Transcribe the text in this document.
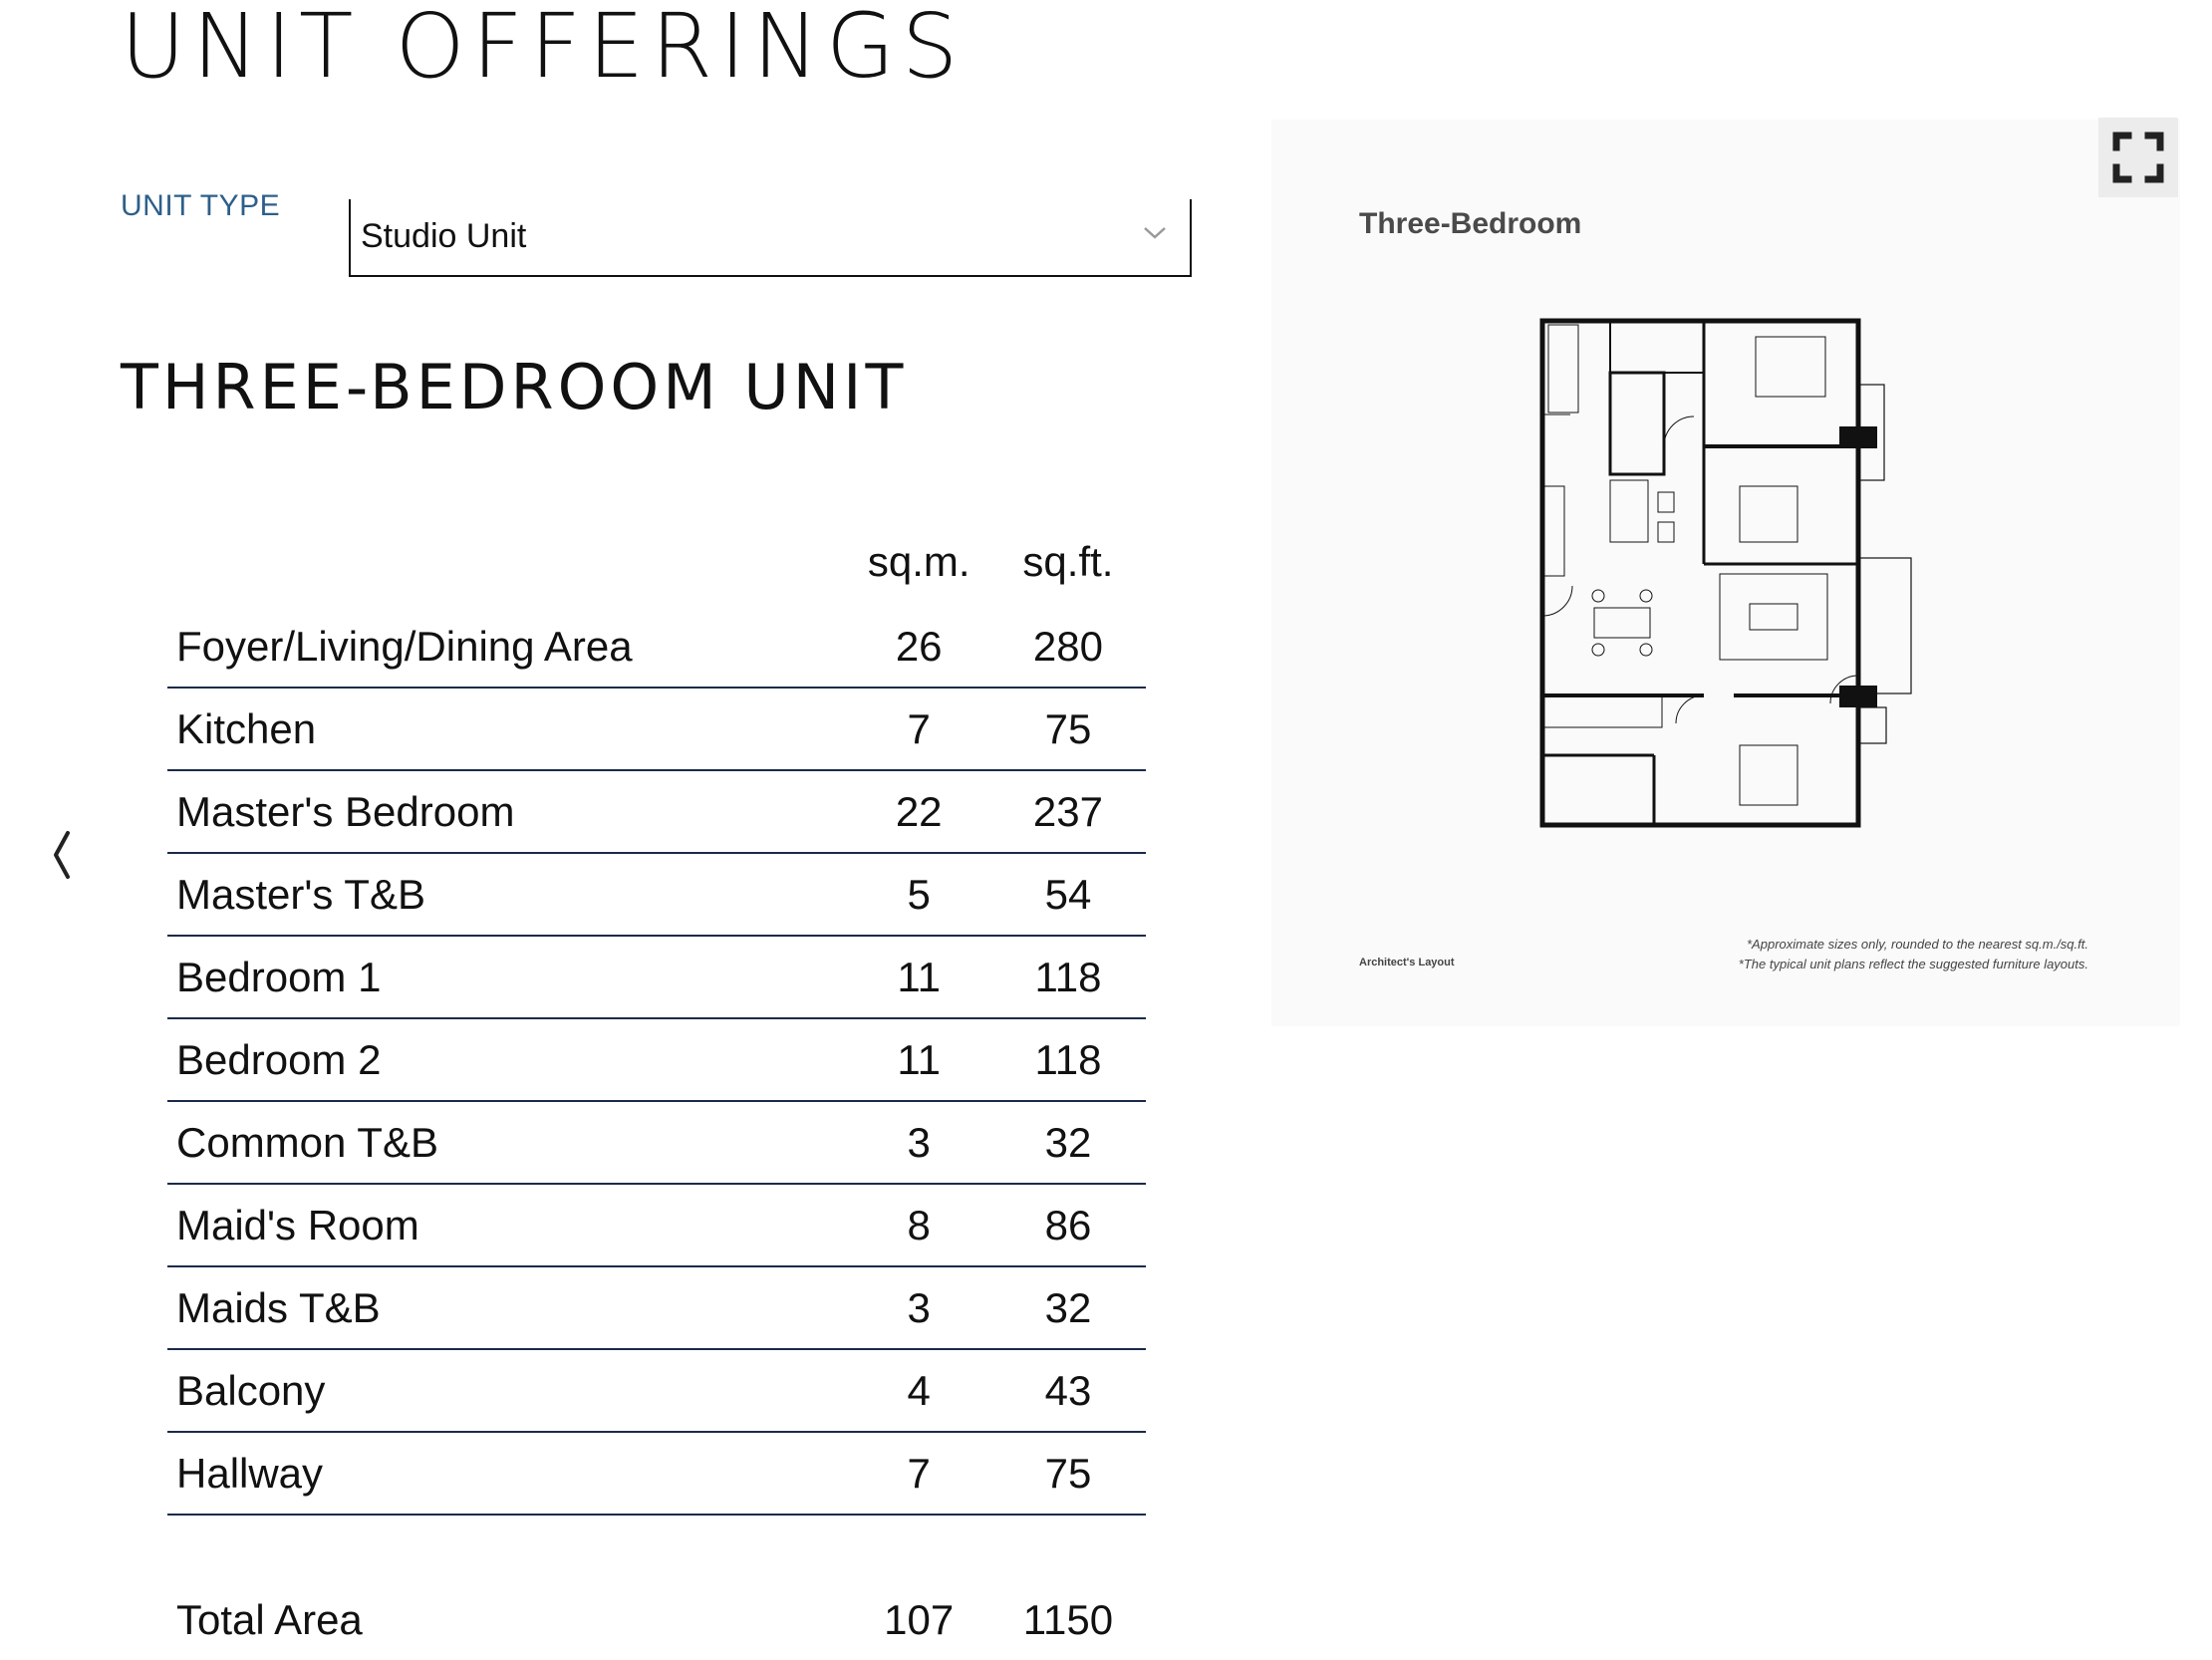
UNIT OFFERINGS
UNIT TYPE
Studio Unit
THREE-BEDROOM UNIT
	sq.m.	sq.ft.
Foyer/Living/Dining Area	26	280
Kitchen	7	75
Master's Bedroom	22	237
Master's T&B	5	54
Bedroom 1	11	118
Bedroom 2	11	118
Common T&B	3	32
Maid's Room	8	86
Maids T&B	3	32
Balcony	4	43
Hallway	7	75

Total Area	107	1150
Three-Bedroom
Architect's Layout
*Approximate sizes only, rounded to the nearest sq.m./sq.ft.
*The typical unit plans reflect the suggested furniture layouts.
